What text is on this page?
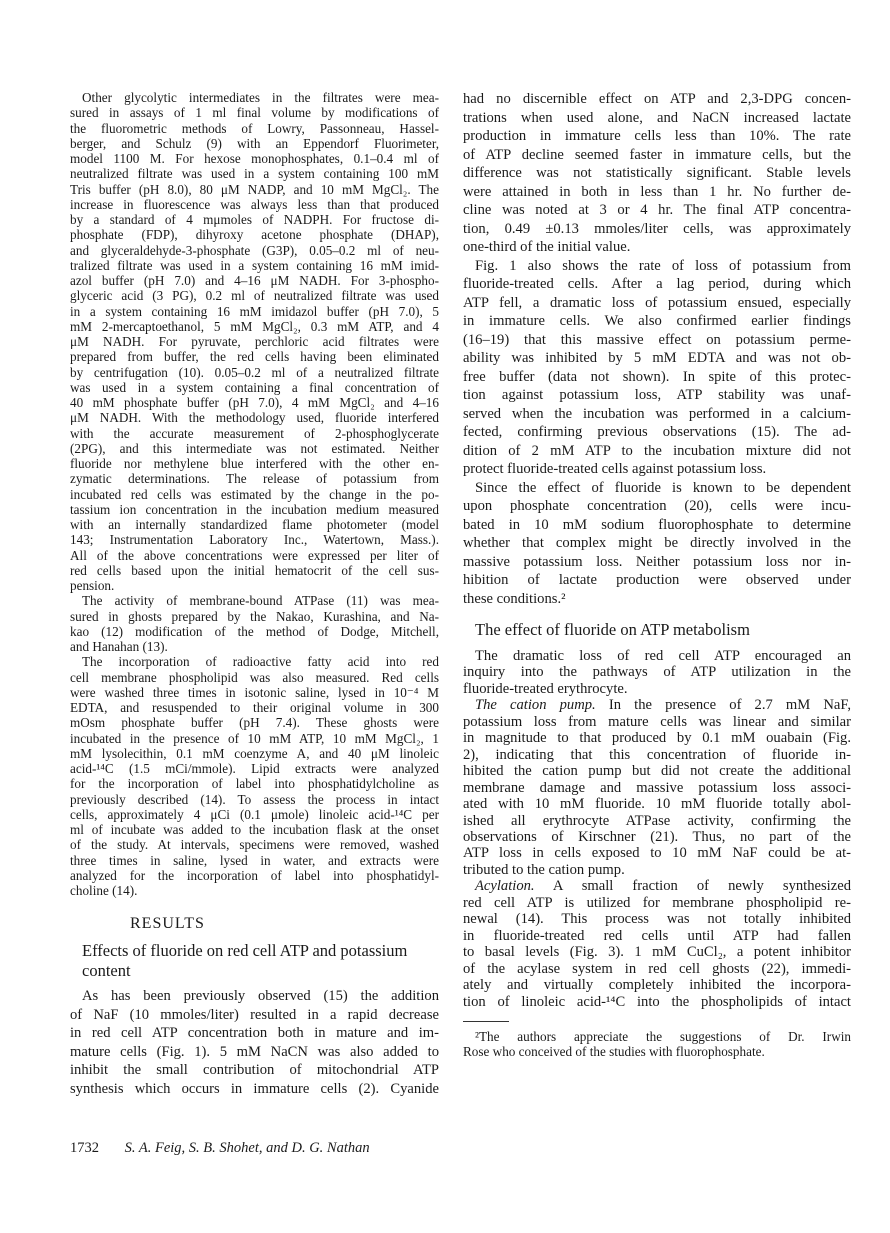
Other glycolytic intermediates in the filtrates were mea-
sured in assays of 1 ml final volume by modifications of
the fluorometric methods of Lowry, Passonneau, Hassel-
berger, and Schulz (9) with an Eppendorf Fluorimeter,
model 1100 M. For hexose monophosphates, 0.1–0.4 ml of
neutralized filtrate was used in a system containing 100 mM
Tris buffer (pH 8.0), 80 μM NADP, and 10 mM MgCl₂. The
increase in fluorescence was always less than that produced
by a standard of 4 mμmoles of NADPH. For fructose di-
phosphate (FDP), dihyroxy acetone phosphate (DHAP),
and glyceraldehyde-3-phosphate (G3P), 0.05–0.2 ml of neu-
tralized filtrate was used in a system containing 16 mM imid-
azol buffer (pH 7.0) and 4–16 μM NADH. For 3-phospho-
glyceric acid (3 PG), 0.2 ml of neutralized filtrate was used
in a system containing 16 mM imidazol buffer (pH 7.0), 5
mM 2-mercaptoethanol, 5 mM MgCl₂, 0.3 mM ATP, and 4
μM NADH. For pyruvate, perchloric acid filtrates were
prepared from buffer, the red cells having been eliminated
by centrifugation (10). 0.05–0.2 ml of a neutralized filtrate
was used in a system containing a final concentration of
40 mM phosphate buffer (pH 7.0), 4 mM MgCl₂ and 4–16
μM NADH. With the methodology used, fluoride interfered
with the accurate measurement of 2-phosphoglycerate
(2PG), and this intermediate was not estimated. Neither
fluoride nor methylene blue interfered with the other en-
zymatic determinations. The release of potassium from
incubated red cells was estimated by the change in the po-
tassium ion concentration in the incubation medium measured
with an internally standardized flame photometer (model
143; Instrumentation Laboratory Inc., Watertown, Mass.).
All of the above concentrations were expressed per liter of
red cells based upon the initial hematocrit of the cell sus-
pension.
The activity of membrane-bound ATPase (11) was mea-
sured in ghosts prepared by the Nakao, Kurashina, and Na-
kao (12) modification of the method of Dodge, Mitchell,
and Hanahan (13).
The incorporation of radioactive fatty acid into red
cell membrane phospholipid was also measured. Red cells
were washed three times in isotonic saline, lysed in 10⁻⁴ M
EDTA, and resuspended to their original volume in 300
mOsm phosphate buffer (pH 7.4). These ghosts were
incubated in the presence of 10 mM ATP, 10 mM MgCl₂, 1
mM lysolecithin, 0.1 mM coenzyme A, and 40 μM linoleic
acid-¹⁴C (1.5 mCi/mmole). Lipid extracts were analyzed
for the incorporation of label into phosphatidylcholine as
previously described (14). To assess the process in intact
cells, approximately 4 μCi (0.1 μmole) linoleic acid-¹⁴C per
ml of incubate was added to the incubation flask at the onset
of the study. At intervals, specimens were removed, washed
three times in saline, lysed in water, and extracts were
analyzed for the incorporation of label into phosphatidyl-
choline (14).
RESULTS
Effects of fluoride on red cell ATP and potassium content
As has been previously observed (15) the addition
of NaF (10 mmoles/liter) resulted in a rapid decrease
in red cell ATP concentration both in mature and im-
mature cells (Fig. 1). 5 mM NaCN was also added to
inhibit the small contribution of mitochondrial ATP
synthesis which occurs in immature cells (2). Cyanide
had no discernible effect on ATP and 2,3-DPG concen-
trations when used alone, and NaCN increased lactate
production in immature cells less than 10%. The rate
of ATP decline seemed faster in immature cells, but the
difference was not statistically significant. Stable levels
were attained in both in less than 1 hr. No further de-
cline was noted at 3 or 4 hr. The final ATP concentra-
tion, 0.49 ±0.13 mmoles/liter cells, was approximately
one-third of the initial value.
Fig. 1 also shows the rate of loss of potassium from
fluoride-treated cells. After a lag period, during which
ATP fell, a dramatic loss of potassium ensued, especially
in immature cells. We also confirmed earlier findings
(16–19) that this massive effect on potassium perme-
ability was inhibited by 5 mM EDTA and was not ob-
free buffer (data not shown). In spite of this protec-
tion against potassium loss, ATP stability was unaf-
served when the incubation was performed in a calcium-
fected, confirming previous observations (15). The ad-
dition of 2 mM ATP to the incubation mixture did not
protect fluoride-treated cells against potassium loss.
Since the effect of fluoride is known to be dependent
upon phosphate concentration (20), cells were incu-
bated in 10 mM sodium fluorophosphate to determine
whether that complex might be directly involved in the
massive potassium loss. Neither potassium loss nor in-
hibition of lactate production were observed under
these conditions.²
The effect of fluoride on ATP metabolism
The dramatic loss of red cell ATP encouraged an
inquiry into the pathways of ATP utilization in the
fluoride-treated erythrocyte.
The cation pump. In the presence of 2.7 mM NaF,
potassium loss from mature cells was linear and similar
in magnitude to that produced by 0.1 mM ouabain (Fig.
2), indicating that this concentration of fluoride in-
hibited the cation pump but did not create the additional
membrane damage and massive potassium loss associ-
ated with 10 mM fluoride. 10 mM fluoride totally abol-
ished all erythrocyte ATPase activity, confirming the
observations of Kirschner (21). Thus, no part of the
ATP loss in cells exposed to 10 mM NaF could be at-
tributed to the cation pump.
Acylation. A small fraction of newly synthesized
red cell ATP is utilized for membrane phospholipid re-
newal (14). This process was not totally inhibited
in fluoride-treated red cells until ATP had fallen
to basal levels (Fig. 3). 1 mM CuCl₂, a potent inhibitor
of the acylase system in red cell ghosts (22), immedi-
ately and virtually completely inhibited the incorpora-
tion of linoleic acid-¹⁴C into the phospholipids of intact
²The authors appreciate the suggestions of Dr. Irwin
Rose who conceived of the studies with fluorophosphate.
1732 S. A. Feig, S. B. Shohet, and D. G. Nathan
